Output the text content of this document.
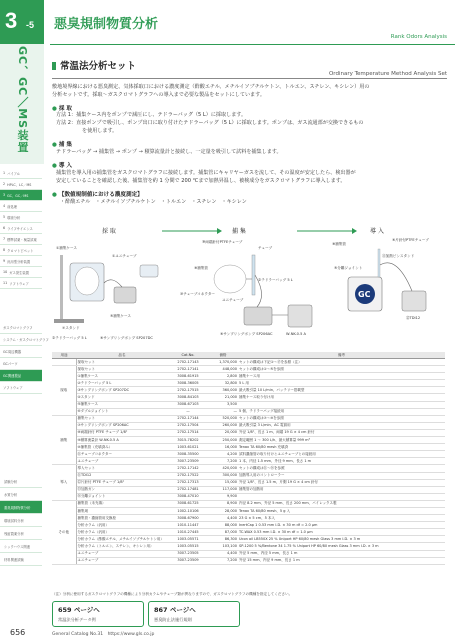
3 -5 悪臭規制物質分析
Rank Odors Analysis
GC、GC／MS装置
1 バイアル
2 HPLC、LC／MS
3 GC、GC／MS
4 前処理
5 環境分析
6 ライフサイエンス
7 標準試薬・検量試薬
8 クロマトピペット
9 汎用型分析装置
10 ガス発生装置
11 ソフトウェア
ガスクロマトグラフ
システム・ガスクロマトグラフ
GC周辺機器
GCパーツ
GC関連製品
ソフトウェア
試験分析
水質分析
悪臭規制物質分析
環境試料分析
残留農薬分析
シックハウス関連
材料関連試験
常温法分析セット
Ordinary Temperature Method Analysis Set
敷地境界線における悪臭測定、気体採取口における濃度測定（酢酸エチル、メチルイソブチルケトン、トルエン、スチレン、キシレン）用の
分析セットです。採取～ガスクロマトグラフへの導入まで必要な製品をセットにしています。
● 採 取
方法 1：捕集ケース内をポンプで減圧にし、テドラーバッグ（5 L）に採取します。
方法 2：直接ポンプで吸引し、ポンプ出口に取り付けたテドラーバッグ（5 L）に採取します。ポンプは、ガス流通部が交換できるもの
を使用します。
● 捕 集
テドラーバッグ → 捕集管 → ポンプ → 積算流量計と接続し、一定量を吸引して試料を捕集します。
● 導 入
捕集管を導入用の捕集管をガスクロマトグラフに接続します。捕集管にキャリヤーガスを流して、その温度が安定したら、検出器が
安定していることを確認した後、捕集管を約 1 分間で 200 ℃まで加熱昇温し、被検成分をガスクロマトグラフに導入します。
● 【数値規制値における濃度測定】
・酢酸エチル　・メチルイソブチルケトン　・トルエン　・スチレン　・キシレン
採 取	捕 集	導 入
①捕集ケース
①ユニチューブ
⑦スタンド
⑤捕集ケース
②テドラーバッグ 5 L	⑥サンプリングポンプ SP207DC
⑨両端針付PTFEチューブ
チューブ
⑩チューブコネクター
⑧捕集管
②テドラーバッグ 5 L
ユニチューブ
⑥サンプリングポンプ SP206AC	W-NK-0.5 A
GC
⑥片針付PTFEチューブ
⑧捕集管
⑪加熱ビンスタンド
⑤分離ジョイント
⑫TDI12
用途	品名	Cat.No.	価格	備考
	採取セット	2702-17143	1,370,000	セットの構成は下記①～⑮を参照（注）
採取	採取セット	2702-17141	448,000	セットの構成は①～⑤を参照
	①捕集ケース	3008-61915	2,800	捕集ケース用
	②テドラーバッグ 5 L	3008-36005	32,800	5 L 用
	③サンプリングポンプ SP207DC	2702-17515	360,000	最大吸引量 10 L/min、バッテリー搭載型
	④スタンド	3008-84103	21,000	捕集ケース取り付け用
	⑤捕集ケース	3008-67103	3,500	
	⑥ダブルジョイント	—	—	5 個、テドラーバッグ接続用
捕集	捕集セット	2702-17144	520,000	セットの構成は⑦～⑩を参照
	⑦サンプリングポンプ SP206AC	2702-17504	260,000	最大吸引量 3 L/min、AC 電源用
	⑧両端針付 PTFE チューブ 1/8"	2702-17514	20,000	外径 1/8"、長さ 1 m、両端 19 G × 4 cm 針付
	⑨積算流量計 W-NK-0.5 A	3015-78202	250,000	測定範囲 1 ～ 300 L/h、最大積算量 999 m³
	⑩捕集管（充填済み）	1003-61021	16,000	Tenax TA 60/80 mesh 充填済
	⑪チューブコネクター	3008-35500	4,200	試料濃縮管の取り付けとユニチューブとの接続用
	ユニチューブ	3007-23509	7,200	1 本、内径 1.5 mm、外径 9 mm、長さ 1 m
導入	導入セット	2702-17142	420,000	セットの構成は⑪～⑯を参照
	⑪TDI12	2702-17522	300,000	加熱導入用のコントローラー
	⑫片針付 PTFE チューブ 1/8"	2702-17313	15,000	外径 1/8"、長さ 1.5 m、片側 19 G × 4 cm 針付
	⑬加熱ガン	2702-17481	117,000	捕集管の加熱用
	⑭分離ジョイント	3008-47010	9,900	
その他	捕集管（未充填）	3008-61725	8,900	内径 8.2 mm、外径 5 mm、長さ 200 mm、パイレックス製
	捕集剤	1002-10106	28,000	Tenax TA 60/80 mesh、5 g 入
	捕集管・濃縮管用交換栓	3008-67900	4,400	23 G × 5 cm、5 本入
	分析カラム（汎用）	1010-11447	88,000	InertCap 1 0.53 mm I.D. × 30 m df = 2.0 μm
	分析カラム（汎用）	1010-27445	87,000	TC-WAX 0.53 mm I.D. × 30 m df = 1.0 μm
	分析カラム（酢酸エチル、メチルイソブチルケトン用）	1003-05571	86,300	Ucon oil LB550X 25 % Uniport HP 60/80 mesh Glass 3 mm I.D. × 3 m
	分析カラム（トルエン、スチレン、キシレン用）	1003-05515	103,100	SP-1200 5 %/Bentone 34 1.75 % Uniport HP 60/80 mesh Glass 3 mm I.D. × 3 m
	ユニチューブ	3007-23505	4,400	外径 5 mm、内径 5 mm、長さ 1 m
	ユニチューブ	3007-23509	7,200	外径 15 mm、内径 9 mm、長さ 1 m
（注）分析に使用するガスクロマトグラフの機種により分析カラムやチューブ類が異なりますので、ガスクロマトグラフの機種を指定してください。
659 ページへ
常温法分析データ例
867 ページへ
悪臭防止法施行規則
656	General Catalog No.31　https://www.gls.co.jp
